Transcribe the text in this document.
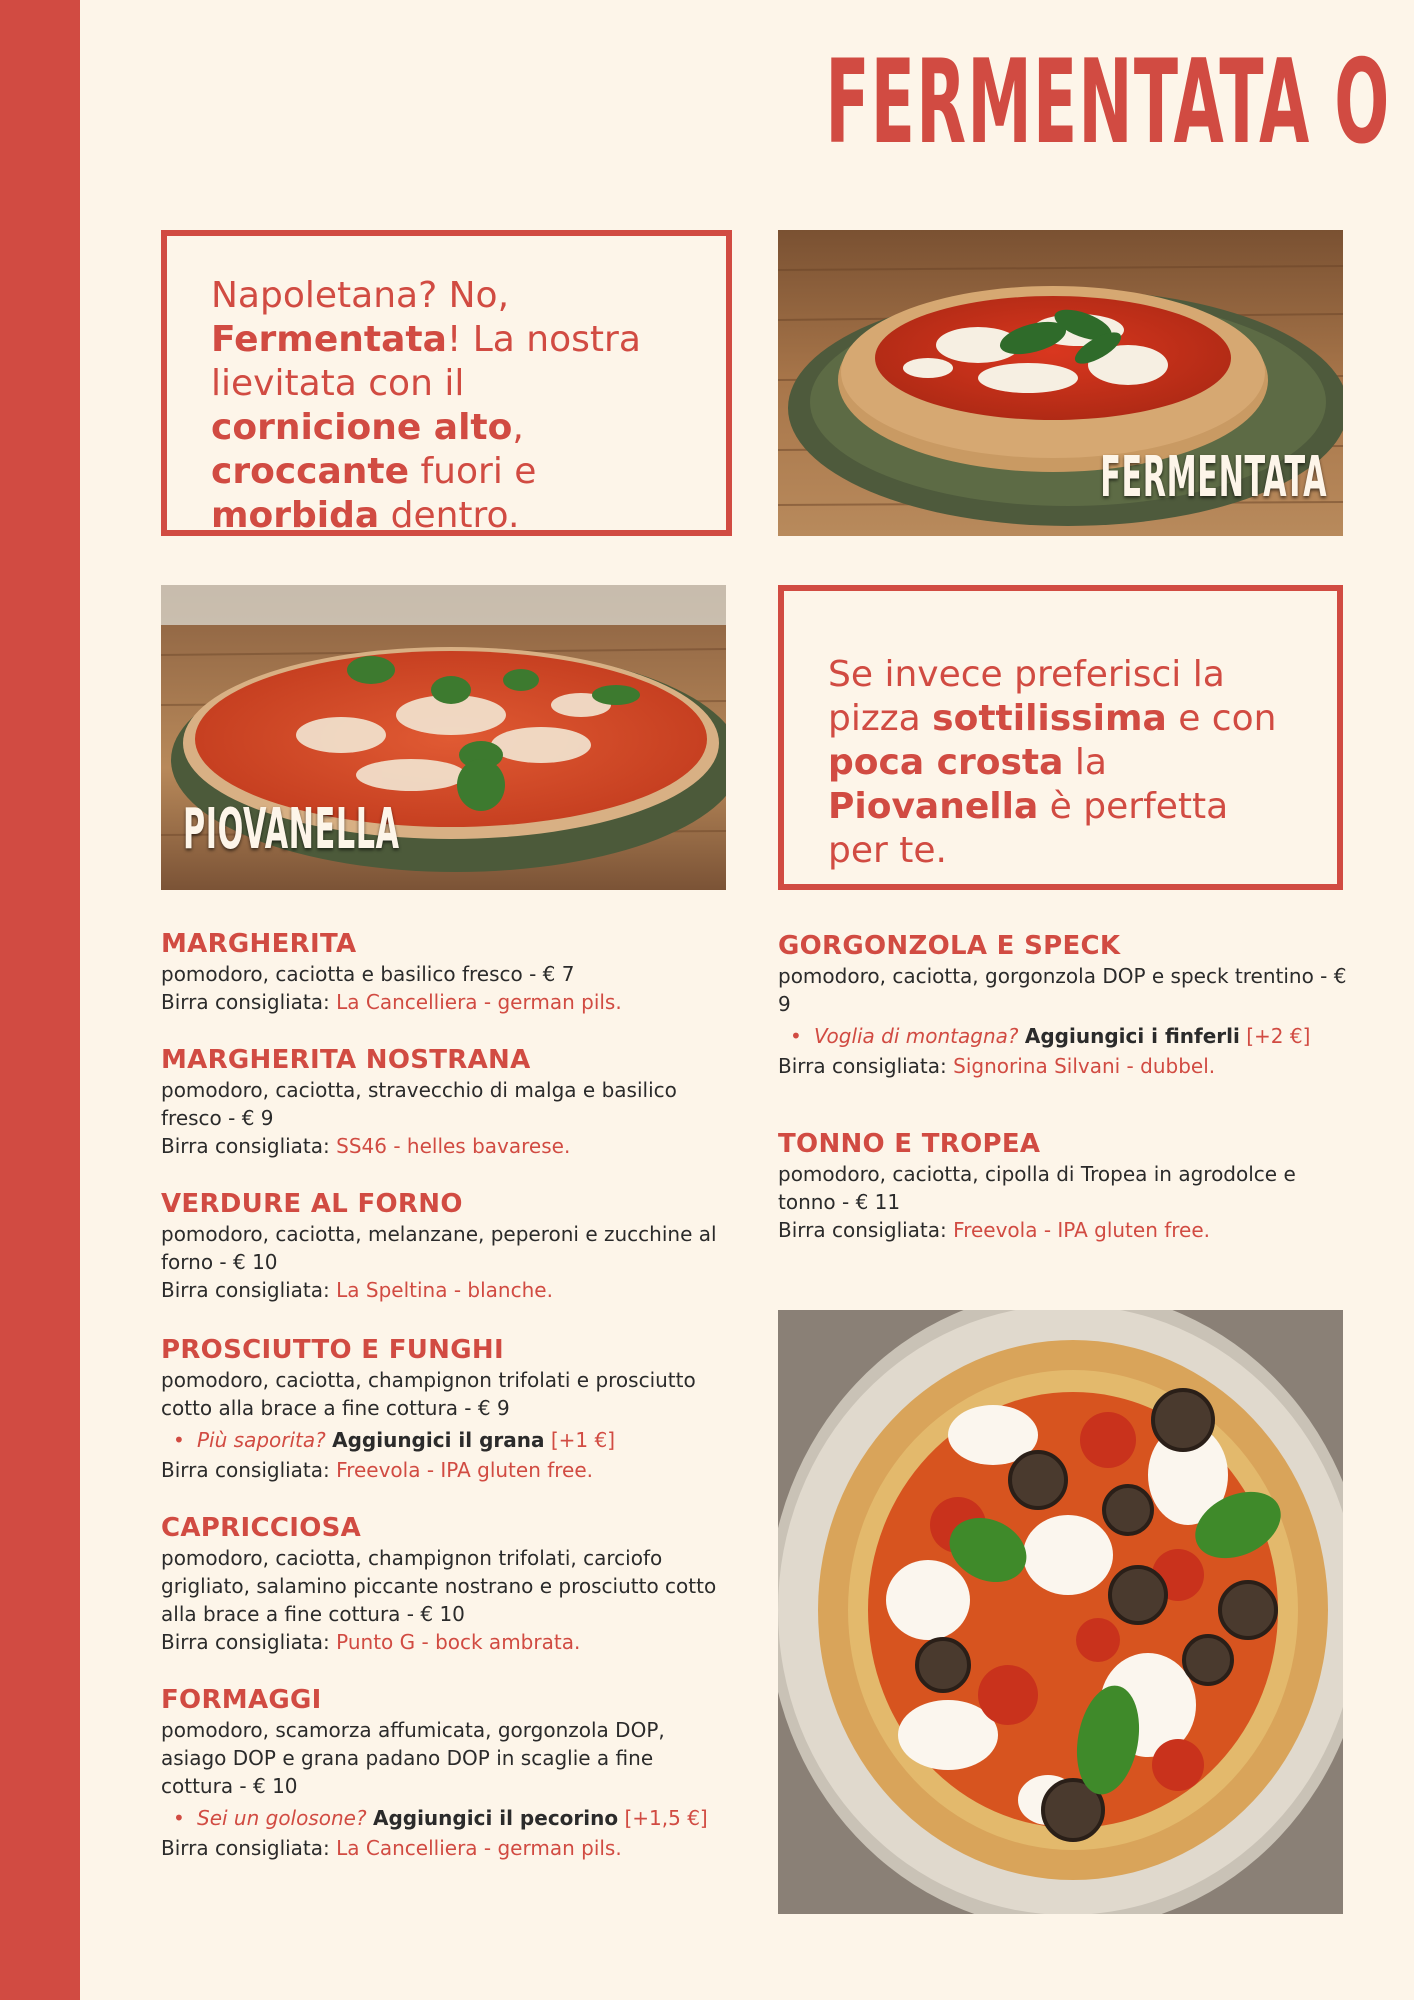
FERMENTATA O

Napoletana? No, Fermentata! La nostra lievitata con il cornicione alto, croccante fuori e morbida dentro.

FERMENTATA
PIOVANELLA

Se invece preferisci la pizza sottilissima e con poca crosta la Piovanella è perfetta per te.

MARGHERITA

pomodoro, caciotta e basilico fresco - € 7

Birra consigliata: La Cancelliera - german pils.

MARGHERITA NOSTRANA

pomodoro, caciotta, stravecchio di malga e basilico fresco - € 9

Birra consigliata: SS46 - helles bavarese.

VERDURE AL FORNO

pomodoro, caciotta, melanzane, peperoni e zucchine al forno - € 10

Birra consigliata: La Speltina - blanche.

PROSCIUTTO E FUNGHI

pomodoro, caciotta, champignon trifolati e prosciutto cotto alla brace a fine cottura - € 9

• Più saporita? Aggiungici il grana [+1 €]

Birra consigliata: Freevola - IPA gluten free.

CAPRICCIOSA

pomodoro, caciotta, champignon trifolati, carciofo grigliato, salamino piccante nostrano e prosciutto cotto alla brace a fine cottura - € 10

Birra consigliata: Punto G - bock ambrata.

FORMAGGI

pomodoro, scamorza affumicata, gorgonzola DOP, asiago DOP e grana padano DOP in scaglie a fine cottura - € 10

• Sei un golosone? Aggiungici il pecorino [+1,5 €]

Birra consigliata: La Cancelliera - german pils.

GORGONZOLA E SPECK

pomodoro, caciotta, gorgonzola DOP e speck trentino - € 9

• Voglia di montagna? Aggiungici i finferli [+2 €]

Birra consigliata: Signorina Silvani - dubbel.

TONNO E TROPEA

pomodoro, caciotta, cipolla di Tropea in agrodolce e tonno - € 11

Birra consigliata: Freevola - IPA gluten free.
